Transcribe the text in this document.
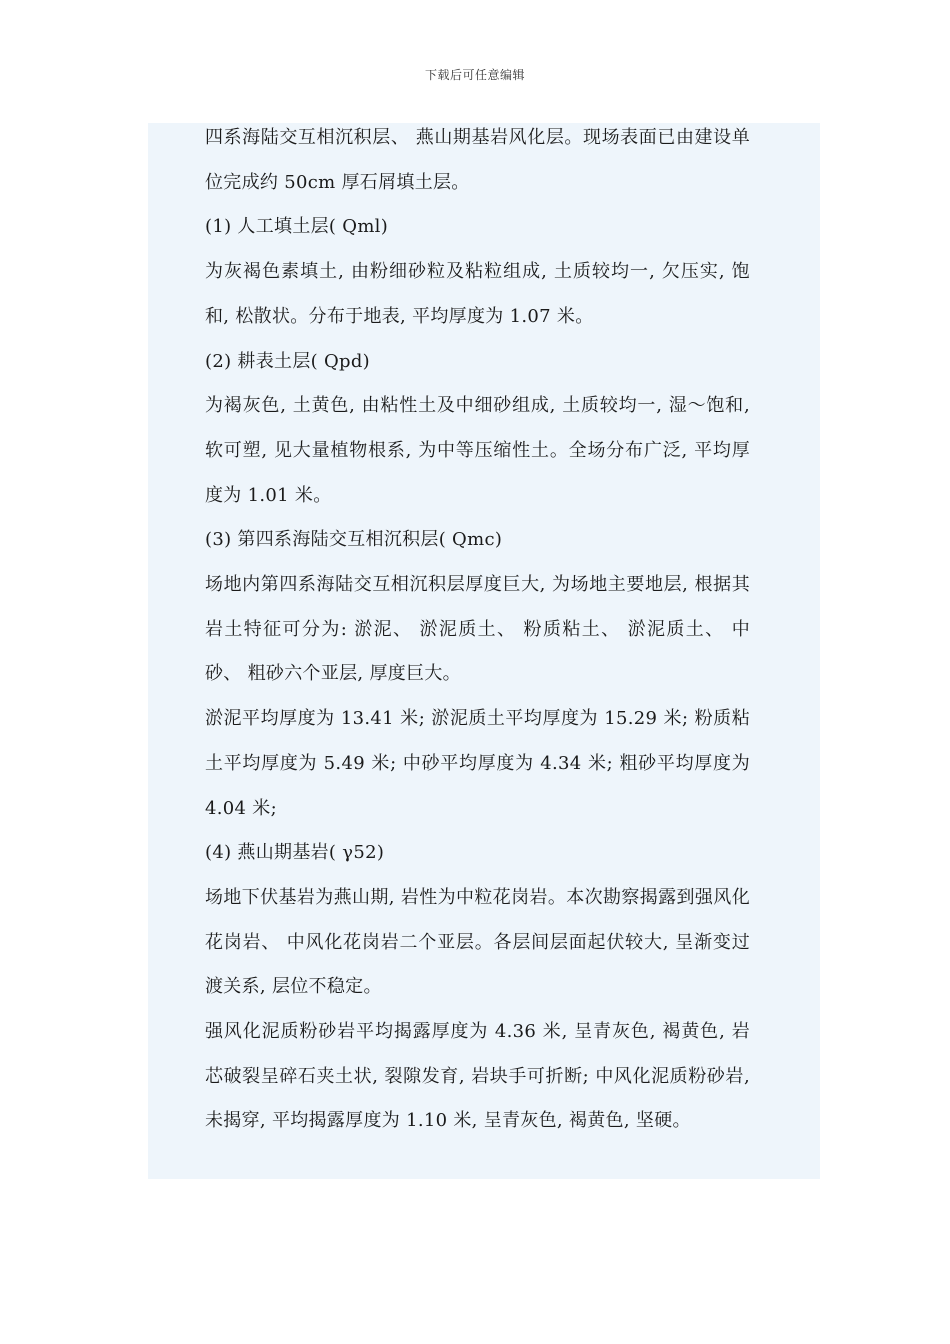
下载后可任意编辑

四系海陆交互相沉积层、 燕山期基岩风化层。现场表面已由建设单位完成约 50cm 厚石屑填土层。

(1) 人工填土层( Qml)

为灰褐色素填土, 由粉细砂粒及粘粒组成, 土质较均一, 欠压实, 饱和, 松散状。分布于地表, 平均厚度为 1.07 米。

(2) 耕表土层( Qpd)

为褐灰色, 土黄色, 由粘性土及中细砂组成, 土质较均一, 湿～饱和, 软可塑, 见大量植物根系, 为中等压缩性土。全场分布广泛, 平均厚度为 1.01 米。

(3) 第四系海陆交互相沉积层( Qmc)

场地内第四系海陆交互相沉积层厚度巨大, 为场地主要地层, 根据其岩土特征可分为: 淤泥、 淤泥质土、 粉质粘土、 淤泥质土、 中砂、 粗砂六个亚层, 厚度巨大。

淤泥平均厚度为 13.41 米; 淤泥质土平均厚度为 15.29 米; 粉质粘土平均厚度为 5.49 米; 中砂平均厚度为 4.34 米; 粗砂平均厚度为 4.04 米;

(4) 燕山期基岩( γ52)

场地下伏基岩为燕山期, 岩性为中粒花岗岩。本次勘察揭露到强风化花岗岩、 中风化花岗岩二个亚层。各层间层面起伏较大, 呈渐变过渡关系, 层位不稳定。

强风化泥质粉砂岩平均揭露厚度为 4.36 米, 呈青灰色, 褐黄色, 岩芯破裂呈碎石夹土状, 裂隙发育, 岩块手可折断; 中风化泥质粉砂岩, 未揭穿, 平均揭露厚度为 1.10 米, 呈青灰色, 褐黄色, 坚硬。
